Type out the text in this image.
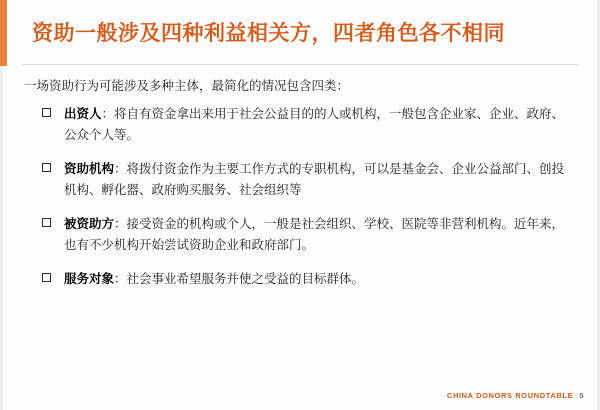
资助一般涉及四种利益相关方，四者角色各不相同
一场资助行为可能涉及多种主体，最简化的情况包含四类：
出资人：将自有资金拿出来用于社会公益目的的人或机构，一般包含企业家、企业、政府、公众个人等。
资助机构：将拨付资金作为主要工作方式的专职机构，可以是基金会、企业公益部门、创投机构、孵化器、政府购买服务、社会组织等
被资助方：接受资金的机构或个人，一般是社会组织、学校、医院等非营利机构。近年来，也有不少机构开始尝试资助企业和政府部门。
服务对象：社会事业希望服务并使之受益的目标群体。
CHINA DONORS ROUNDTABLE 5
